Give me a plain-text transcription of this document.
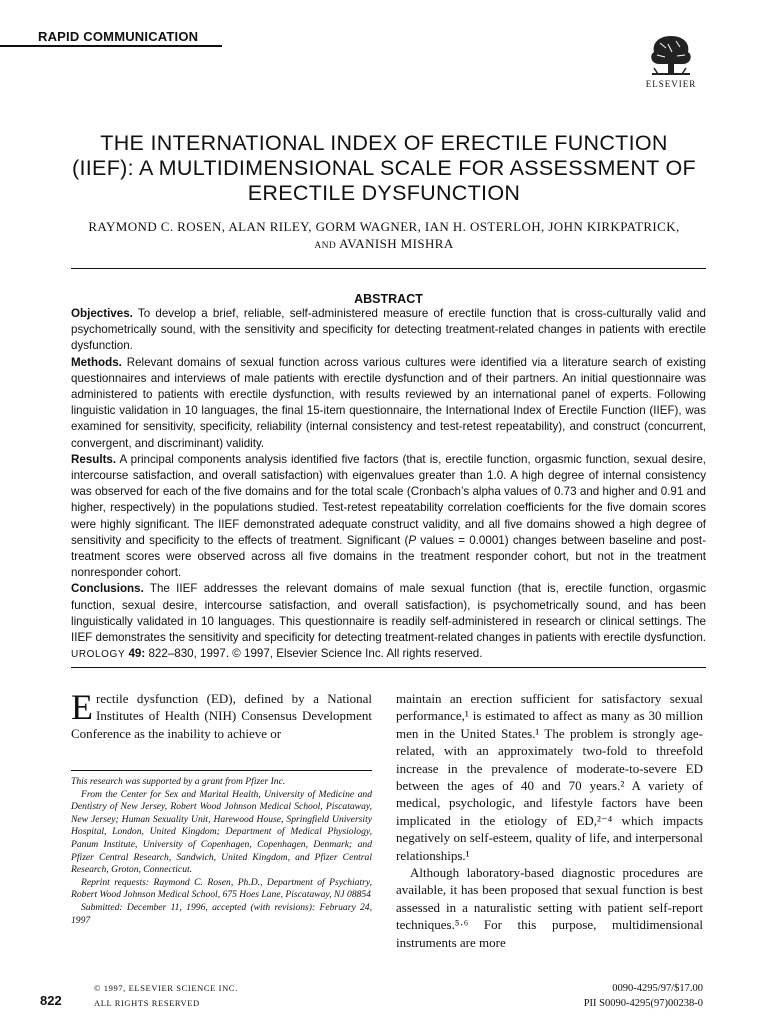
RAPID COMMUNICATION
ELSEVIER
THE INTERNATIONAL INDEX OF ERECTILE FUNCTION
(IIEF): A MULTIDIMENSIONAL SCALE FOR ASSESSMENT OF
ERECTILE DYSFUNCTION
RAYMOND C. ROSEN, ALAN RILEY, GORM WAGNER, IAN H. OSTERLOH, JOHN KIRKPATRICK,
AND AVANISH MISHRA
ABSTRACT

Objectives. To develop a brief, reliable, self-administered measure of erectile function that is cross-culturally valid and psychometrically sound, with the sensitivity and specificity for detecting treatment-related changes in patients with erectile dysfunction.

Methods. Relevant domains of sexual function across various cultures were identified via a literature search of existing questionnaires and interviews of male patients with erectile dysfunction and of their partners. An initial questionnaire was administered to patients with erectile dysfunction, with results reviewed by an international panel of experts. Following linguistic validation in 10 languages, the final 15-item questionnaire, the International Index of Erectile Function (IIEF), was examined for sensitivity, specificity, reliability (internal consistency and test-retest repeatability), and construct (concurrent, convergent, and discriminant) validity.

Results. A principal components analysis identified five factors (that is, erectile function, orgasmic function, sexual desire, intercourse satisfaction, and overall satisfaction) with eigenvalues greater than 1.0. A high degree of internal consistency was observed for each of the five domains and for the total scale (Cronbach’s alpha values of 0.73 and higher and 0.91 and higher, respectively) in the populations studied. Test-retest repeatability correlation coefficients for the five domain scores were highly significant. The IIEF demonstrated adequate construct validity, and all five domains showed a high degree of sensitivity and specificity to the effects of treatment. Significant (P values = 0.0001) changes between baseline and post-treatment scores were observed across all five domains in the treatment responder cohort, but not in the treatment nonresponder cohort.

Conclusions. The IIEF addresses the relevant domains of male sexual function (that is, erectile function, orgasmic function, sexual desire, intercourse satisfaction, and overall satisfaction), is psychometrically sound, and has been linguistically validated in 10 languages. This questionnaire is readily self-administered in research or clinical settings. The IIEF demonstrates the sensitivity and specificity for detecting treatment-related changes in patients with erectile dysfunction. UROLOGY 49: 822–830, 1997. © 1997, Elsevier Science Inc. All rights reserved.

Erectile dysfunction (ED), defined by a National Institutes of Health (NIH) Consensus Development Conference as the inability to achieve or

This research was supported by a grant from Pfizer Inc.

From the Center for Sex and Marital Health, University of Medicine and Dentistry of New Jersey, Robert Wood Johnson Medical School, Piscataway, New Jersey; Human Sexuality Unit, Harewood House, Springfield University Hospital, London, United Kingdom; Department of Medical Physiology, Panum Institute, University of Copenhagen, Copenhagen, Denmark; and Pfizer Central Research, Sandwich, United Kingdom, and Pfizer Central Research, Groton, Connecticut.

Reprint requests: Raymond C. Rosen, Ph.D., Department of Psychiatry, Robert Wood Johnson Medical School, 675 Hoes Lane, Piscataway, NJ 08854

Submitted: December 11, 1996, accepted (with revisions): February 24, 1997

maintain an erection sufficient for satisfactory sexual performance,¹ is estimated to affect as many as 30 million men in the United States.¹ The problem is strongly age-related, with an approximately two-fold to threefold increase in the prevalence of moderate-to-severe ED between the ages of 40 and 70 years.² A variety of medical, psychologic, and lifestyle factors have been implicated in the etiology of ED,²⁻⁴ which impacts negatively on self-esteem, quality of life, and interpersonal relationships.¹

Although laboratory-based diagnostic procedures are available, it has been proposed that sexual function is best assessed in a naturalistic setting with patient self-report techniques.⁵·⁶ For this purpose, multidimensional instruments are more

822
© 1997, ELSEVIER SCIENCE INC.
ALL RIGHTS RESERVED
0090-4295/97/$17.00
PII S0090-4295(97)00238-0
